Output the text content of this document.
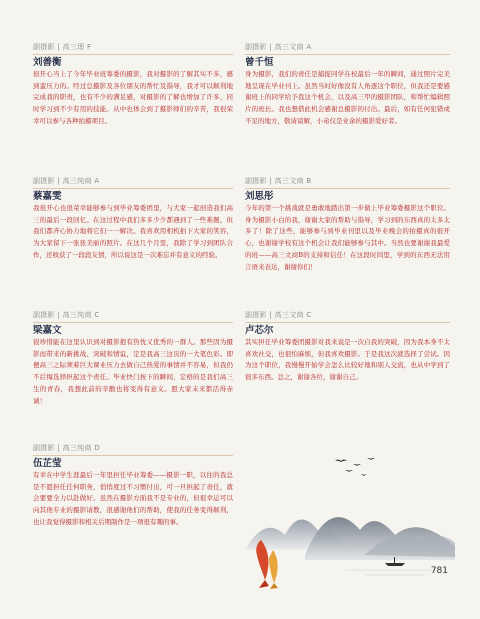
副摄影 | 高三理 F
刘善衡

很开心当上了今年毕业班筹委的摄影，我对摄影的了解其实不多，感到蛮压力的。经过总摄影及各位朋友的帮忙及指导，我才可以顺利地完成我的职责，也有不少的满足感，对摄影的了解也增加了许多，同时学习到不少有用的技能。从中也体会到了摄影师们的辛苦，我很荣幸可以参与各种拍摄项目。

副摄影 | 高三文商 A
曾千恒

身为摄影，我们的责任是捕捉同学在校最后一年的瞬间，通过照片完美地呈现在毕业刊上。虽然当时好像没有人角逐这个职位，但我还是要感谢班上的同学给予我这个机会，以及高三甲的摄影团队，和帮忙编辑照片的班长。我也想借此机会感谢总摄影的付出。最后，如有任何犯错或不足的地方，敬请谅解，小弟仅是业余的摄影爱好者。

副摄影 | 高三纯商 A
蔡嘉雯

我很开心也很荣幸能够参与到毕业筹委团里，与大家一起创造我们高三的最后一段回忆。在这过程中我们多多少少都遇到了一些难题，但我们都齐心协力地将它们一一解决。我喜欢用相机拍下大家的笑容，为大家留下一张张美丽的照片。在这几个月里，我除了学习到团队合作，还收获了一段段友情，所以说这是一次难忘并有意义的经验。

副摄影 | 高三文商 B
刘思彤

今年的第一个挑战就是勇敢地踏出第一步做上毕业筹委摄影这个职位。身为摄影小白的我，谢谢大家的帮助与指导，学习到的东西真的太多太多了！除了这些，能够参与到毕业刊里以及毕业晚会的拍摄真的很开心，也谢谢学校有这个机会让我们能够参与其中。当然也要谢谢我最爱的班——高三文商B的支持和信任！在这段时间里，学到的东西无法用言语来表达，谢谢你们！

副摄影 | 高三纯商 C
梁嘉文

很珍惜能在这里认识到对摄影抱有热忱又优秀的一群人。那些因为摄影而带来的新挑战、突破和情谊，定是我高三这页的一大笔色彩。即便高三之际须着巨大课业压力去做自己热爱的事情并不容易，但我仍不后悔选择担起这个责任。毕业快门按下的瞬间，定格的是我们高三生的青春，我想此前的辛酸也将变得有意义。愿大家未来都活得赤诚！

副摄影 | 高三文商 C
卢芯尔

其实担任毕业筹委团摄影对我来说是一次自我的突破，因为我本身不太喜欢社交，也很怕麻烦，但我喜欢摄影。于是我这次就选择了尝试。因为这个职位，我慢慢开始学会怎么比较好地和别人交流，也从中学到了很多东西。总之，谢谢各位，谢谢自己。

副摄影 | 高三纯商 D
伍芷莹

有幸在中学生涯最后一年里担任毕业筹委——摄影一职，以往的我总是不愿担任任何职务，悄悄度过不习惯付出，可一旦担起了责任，就会要要全力以赴做好。虽然在摄影方面我不是专业的，但很幸运可以向其他专业的摄影请教，很感谢他们的帮助，使我的任务变得顺利，也让我觉得摄影和相关后期制作是一项很有趣的事。

781
